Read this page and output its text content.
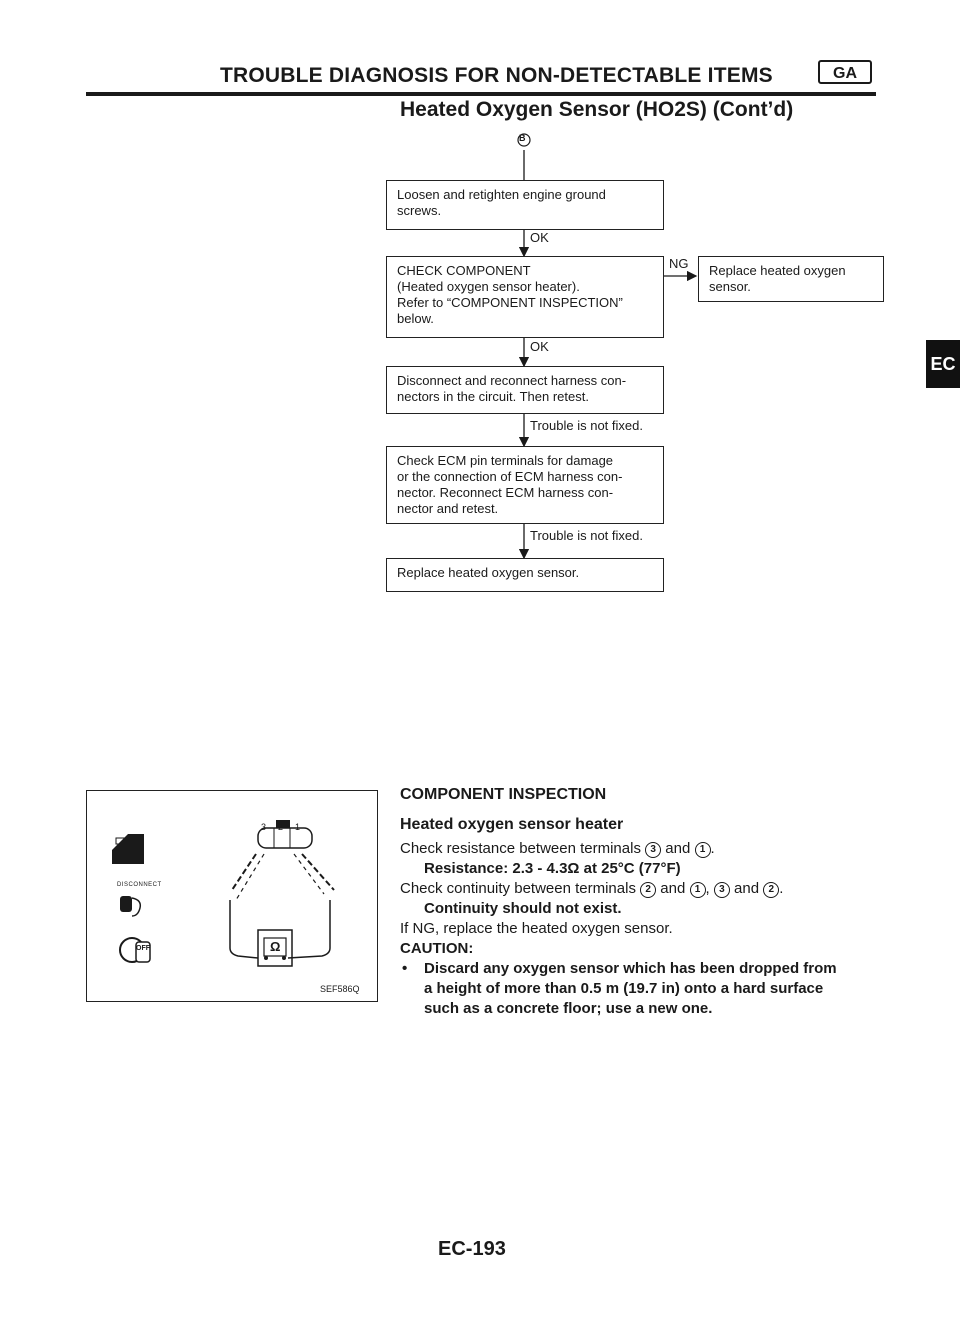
TROUBLE DIAGNOSIS FOR NON-DETECTABLE ITEMS	GA
Heated Oxygen Sensor (HO2S) (Cont’d)
EC
B
Loosen and retighten engine ground
screws.
OK
CHECK COMPONENT
(Heated oxygen sensor heater).
Refer to “COMPONENT INSPECTION”
below.
NG	Replace heated oxygen
sensor.
OK
Disconnect and reconnect harness con-
nectors in the circuit. Then retest.
Trouble is not fixed.
Check ECM pin terminals for damage
or the connection of ECM harness con-
nector. Reconnect ECM harness con-
nector and retest.
Trouble is not fixed.
Replace heated oxygen sensor.
3 2 1
Ω
T.S.
DISCONNECT
OFF
SEF586Q
COMPONENT INSPECTION
Heated oxygen sensor heater
Check resistance between terminals 3 and 1 .
Resistance: 2.3 - 4.3Ω at 25°C (77°F)
Check continuity between terminals 2 and 1 , 3 and 2 .
Continuity should not exist.
If NG, replace the heated oxygen sensor.
CAUTION:
• Discard any oxygen sensor which has been dropped from
a height of more than 0.5 m (19.7 in) onto a hard surface
such as a concrete floor; use a new one.
EC-193
